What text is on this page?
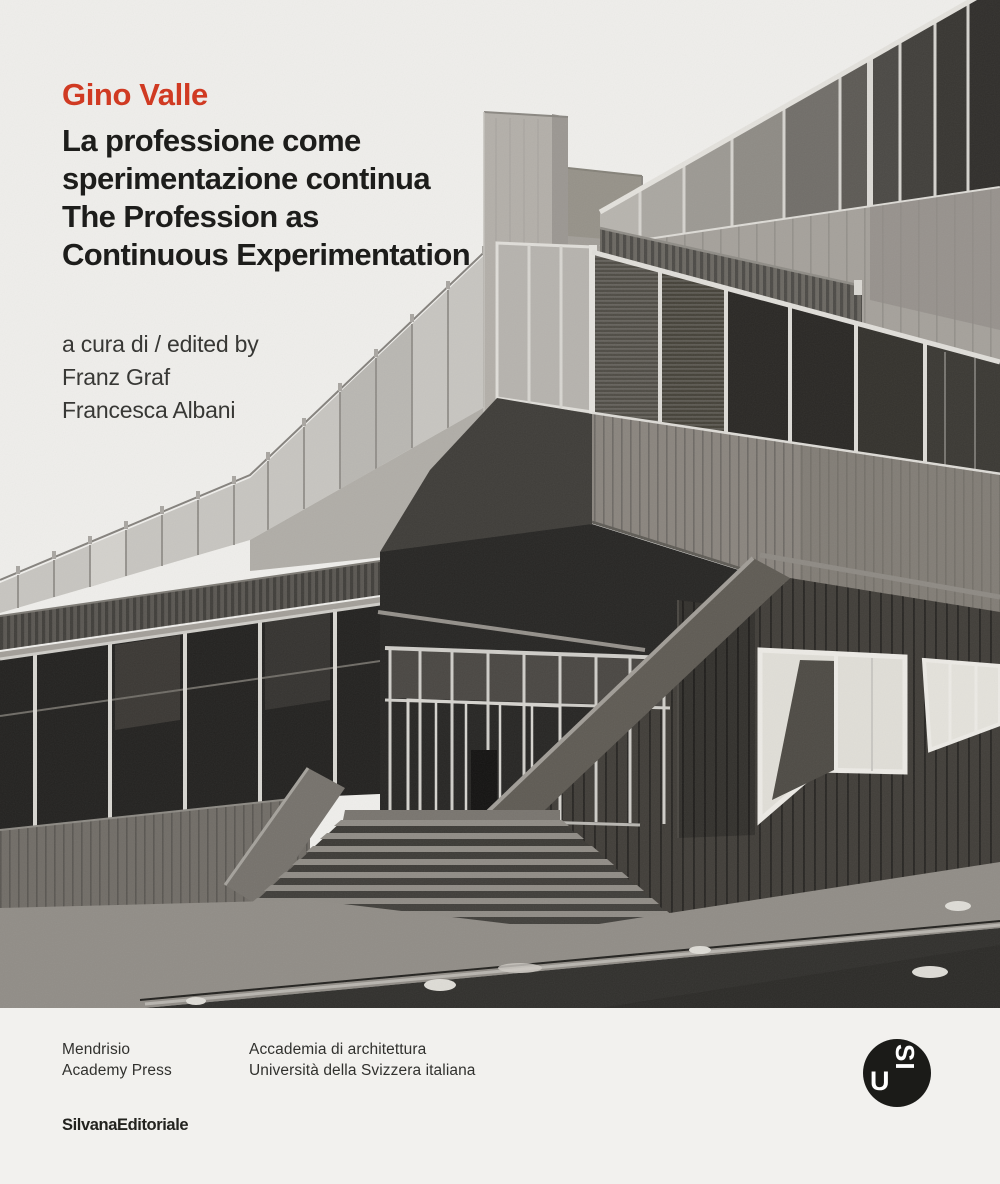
Gino Valle
La professione come
sperimentazione continua
The Profession as
Continuous Experimentation
a cura di / edited by
Franz Graf
Francesca Albani
Mendrisio
Academy Press
Accademia di architettura
Università della Svizzera italiana
SilvanaEditoriale
U
SI
